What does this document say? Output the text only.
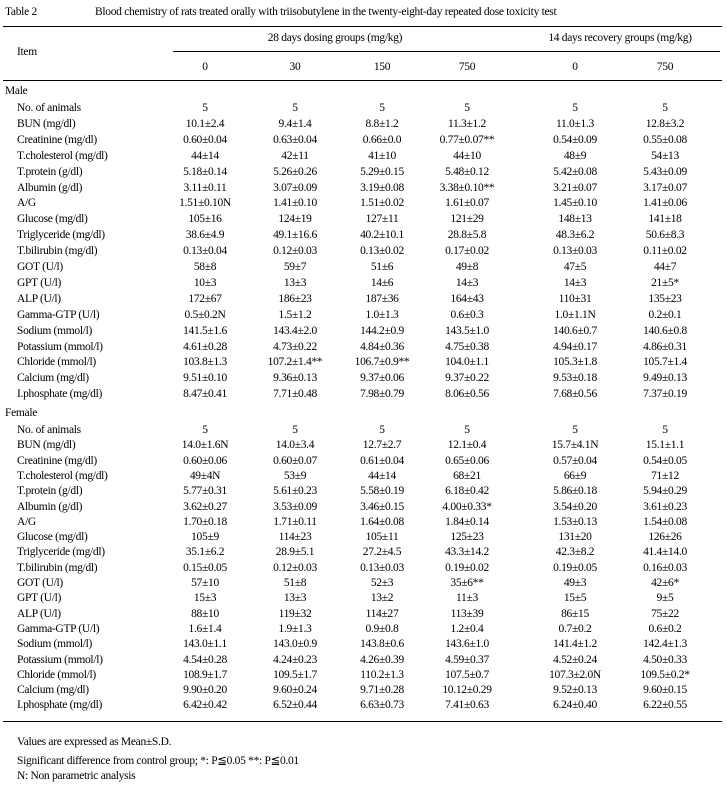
Table 2	Blood chemistry of rats treated orally with triisobutylene in the twenty-eight-day repeated dose toxicity test
Item
28 days dosing groups (mg/kg)	14 days recovery groups (mg/kg)
0	30	150	750	0	750
Male
No. of animals	5	5	5	5	5	5
BUN (mg/dl)	10.1±2.4	9.4±1.4	8.8±1.2	11.3±1.2	11.0±1.3	12.8±3.2
Creatinine (mg/dl)	0.60±0.04	0.63±0.04	0.66±0.0	0.77±0.07**	0.54±0.09	0.55±0.08
T.cholesterol (mg/dl)	44±14	42±11	41±10	44±10	48±9	54±13
T.protein (g/dl)	5.18±0.14	5.26±0.26	5.29±0.15	5.48±0.12	5.42±0.08	5.43±0.09
Albumin (g/dl)	3.11±0.11	3.07±0.09	3.19±0.08	3.38±0.10**	3.21±0.07	3.17±0.07
A/G	1.51±0.10N	1.41±0.10	1.51±0.02	1.61±0.07	1.45±0.10	1.41±0.06
Glucose (mg/dl)	105±16	124±19	127±11	121±29	148±13	141±18
Triglyceride (mg/dl)	38.6±4.9	49.1±16.6	40.2±10.1	28.8±5.8	48.3±6.2	50.6±8.3
T.bilirubin (mg/dl)	0.13±0.04	0.12±0.03	0.13±0.02	0.17±0.02	0.13±0.03	0.11±0.02
GOT (U/l)	58±8	59±7	51±6	49±8	47±5	44±7
GPT (U/l)	10±3	13±3	14±6	14±3	14±3	21±5*
ALP (U/l)	172±67	186±23	187±36	164±43	110±31	135±23
Gamma-GTP (U/l)	0.5±0.2N	1.5±1.2	1.0±1.3	0.6±0.3	1.0±1.1N	0.2±0.1
Sodium (mmol/l)	141.5±1.6	143.4±2.0	144.2±0.9	143.5±1.0	140.6±0.7	140.6±0.8
Potassium (mmol/l)	4.61±0.28	4.73±0.22	4.84±0.36	4.75±0.38	4.94±0.17	4.86±0.31
Chloride (mmol/l)	103.8±1.3	107.2±1.4**	106.7±0.9**	104.0±1.1	105.3±1.8	105.7±1.4
Calcium (mg/dl)	9.51±0.10	9.36±0.13	9.37±0.06	9.37±0.22	9.53±0.18	9.49±0.13
I.phosphate (mg/dl)	8.47±0.41	7.71±0.48	7.98±0.79	8.06±0.56	7.68±0.56	7.37±0.19
Female
No. of animals	5	5	5	5	5	5
BUN (mg/dl)	14.0±1.6N	14.0±3.4	12.7±2.7	12.1±0.4	15.7±4.1N	15.1±1.1
Creatinine (mg/dl)	0.60±0.06	0.60±0.07	0.61±0.04	0.65±0.06	0.57±0.04	0.54±0.05
T.cholesterol (mg/dl)	49±4N	53±9	44±14	68±21	66±9	71±12
T.protein (g/dl)	5.77±0.31	5.61±0.23	5.58±0.19	6.18±0.42	5.86±0.18	5.94±0.29
Albumin (g/dl)	3.62±0.27	3.53±0.09	3.46±0.15	4.00±0.33*	3.54±0.20	3.61±0.23
A/G	1.70±0.18	1.71±0.11	1.64±0.08	1.84±0.14	1.53±0.13	1.54±0.08
Glucose (mg/dl)	105±9	114±23	105±11	125±23	131±20	126±26
Triglyceride (mg/dl)	35.1±6.2	28.9±5.1	27.2±4.5	43.3±14.2	42.3±8.2	41.4±14.0
T.bilirubin (mg/dl)	0.15±0.05	0.12±0.03	0.13±0.03	0.19±0.02	0.19±0.05	0.16±0.03
GOT (U/l)	57±10	51±8	52±3	35±6**	49±3	42±6*
GPT (U/l)	15±3	13±3	13±2	11±3	15±5	9±5
ALP (U/l)	88±10	119±32	114±27	113±39	86±15	75±22
Gamma-GTP (U/l)	1.6±1.4	1.9±1.3	0.9±0.8	1.2±0.4	0.7±0.2	0.6±0.2
Sodium (mmol/l)	143.0±1.1	143.0±0.9	143.8±0.6	143.6±1.0	141.4±1.2	142.4±1.3
Potassium (mmol/l)	4.54±0.28	4.24±0.23	4.26±0.39	4.59±0.37	4.52±0.24	4.50±0.33
Chloride (mmol/l)	108.9±1.7	109.5±1.7	110.2±1.3	107.5±0.7	107.3±2.0N	109.5±0.2*
Calcium (mg/dl)	9.90±0.20	9.60±0.24	9.71±0.28	10.12±0.29	9.52±0.13	9.60±0.15
I.phosphate (mg/dl)	6.42±0.42	6.52±0.44	6.63±0.73	7.41±0.63	6.24±0.40	6.22±0.55
Values are expressed as Mean±S.D.
Significant difference from control group; *: P≦0.05 **: P≦0.01
N: Non parametric analysis
